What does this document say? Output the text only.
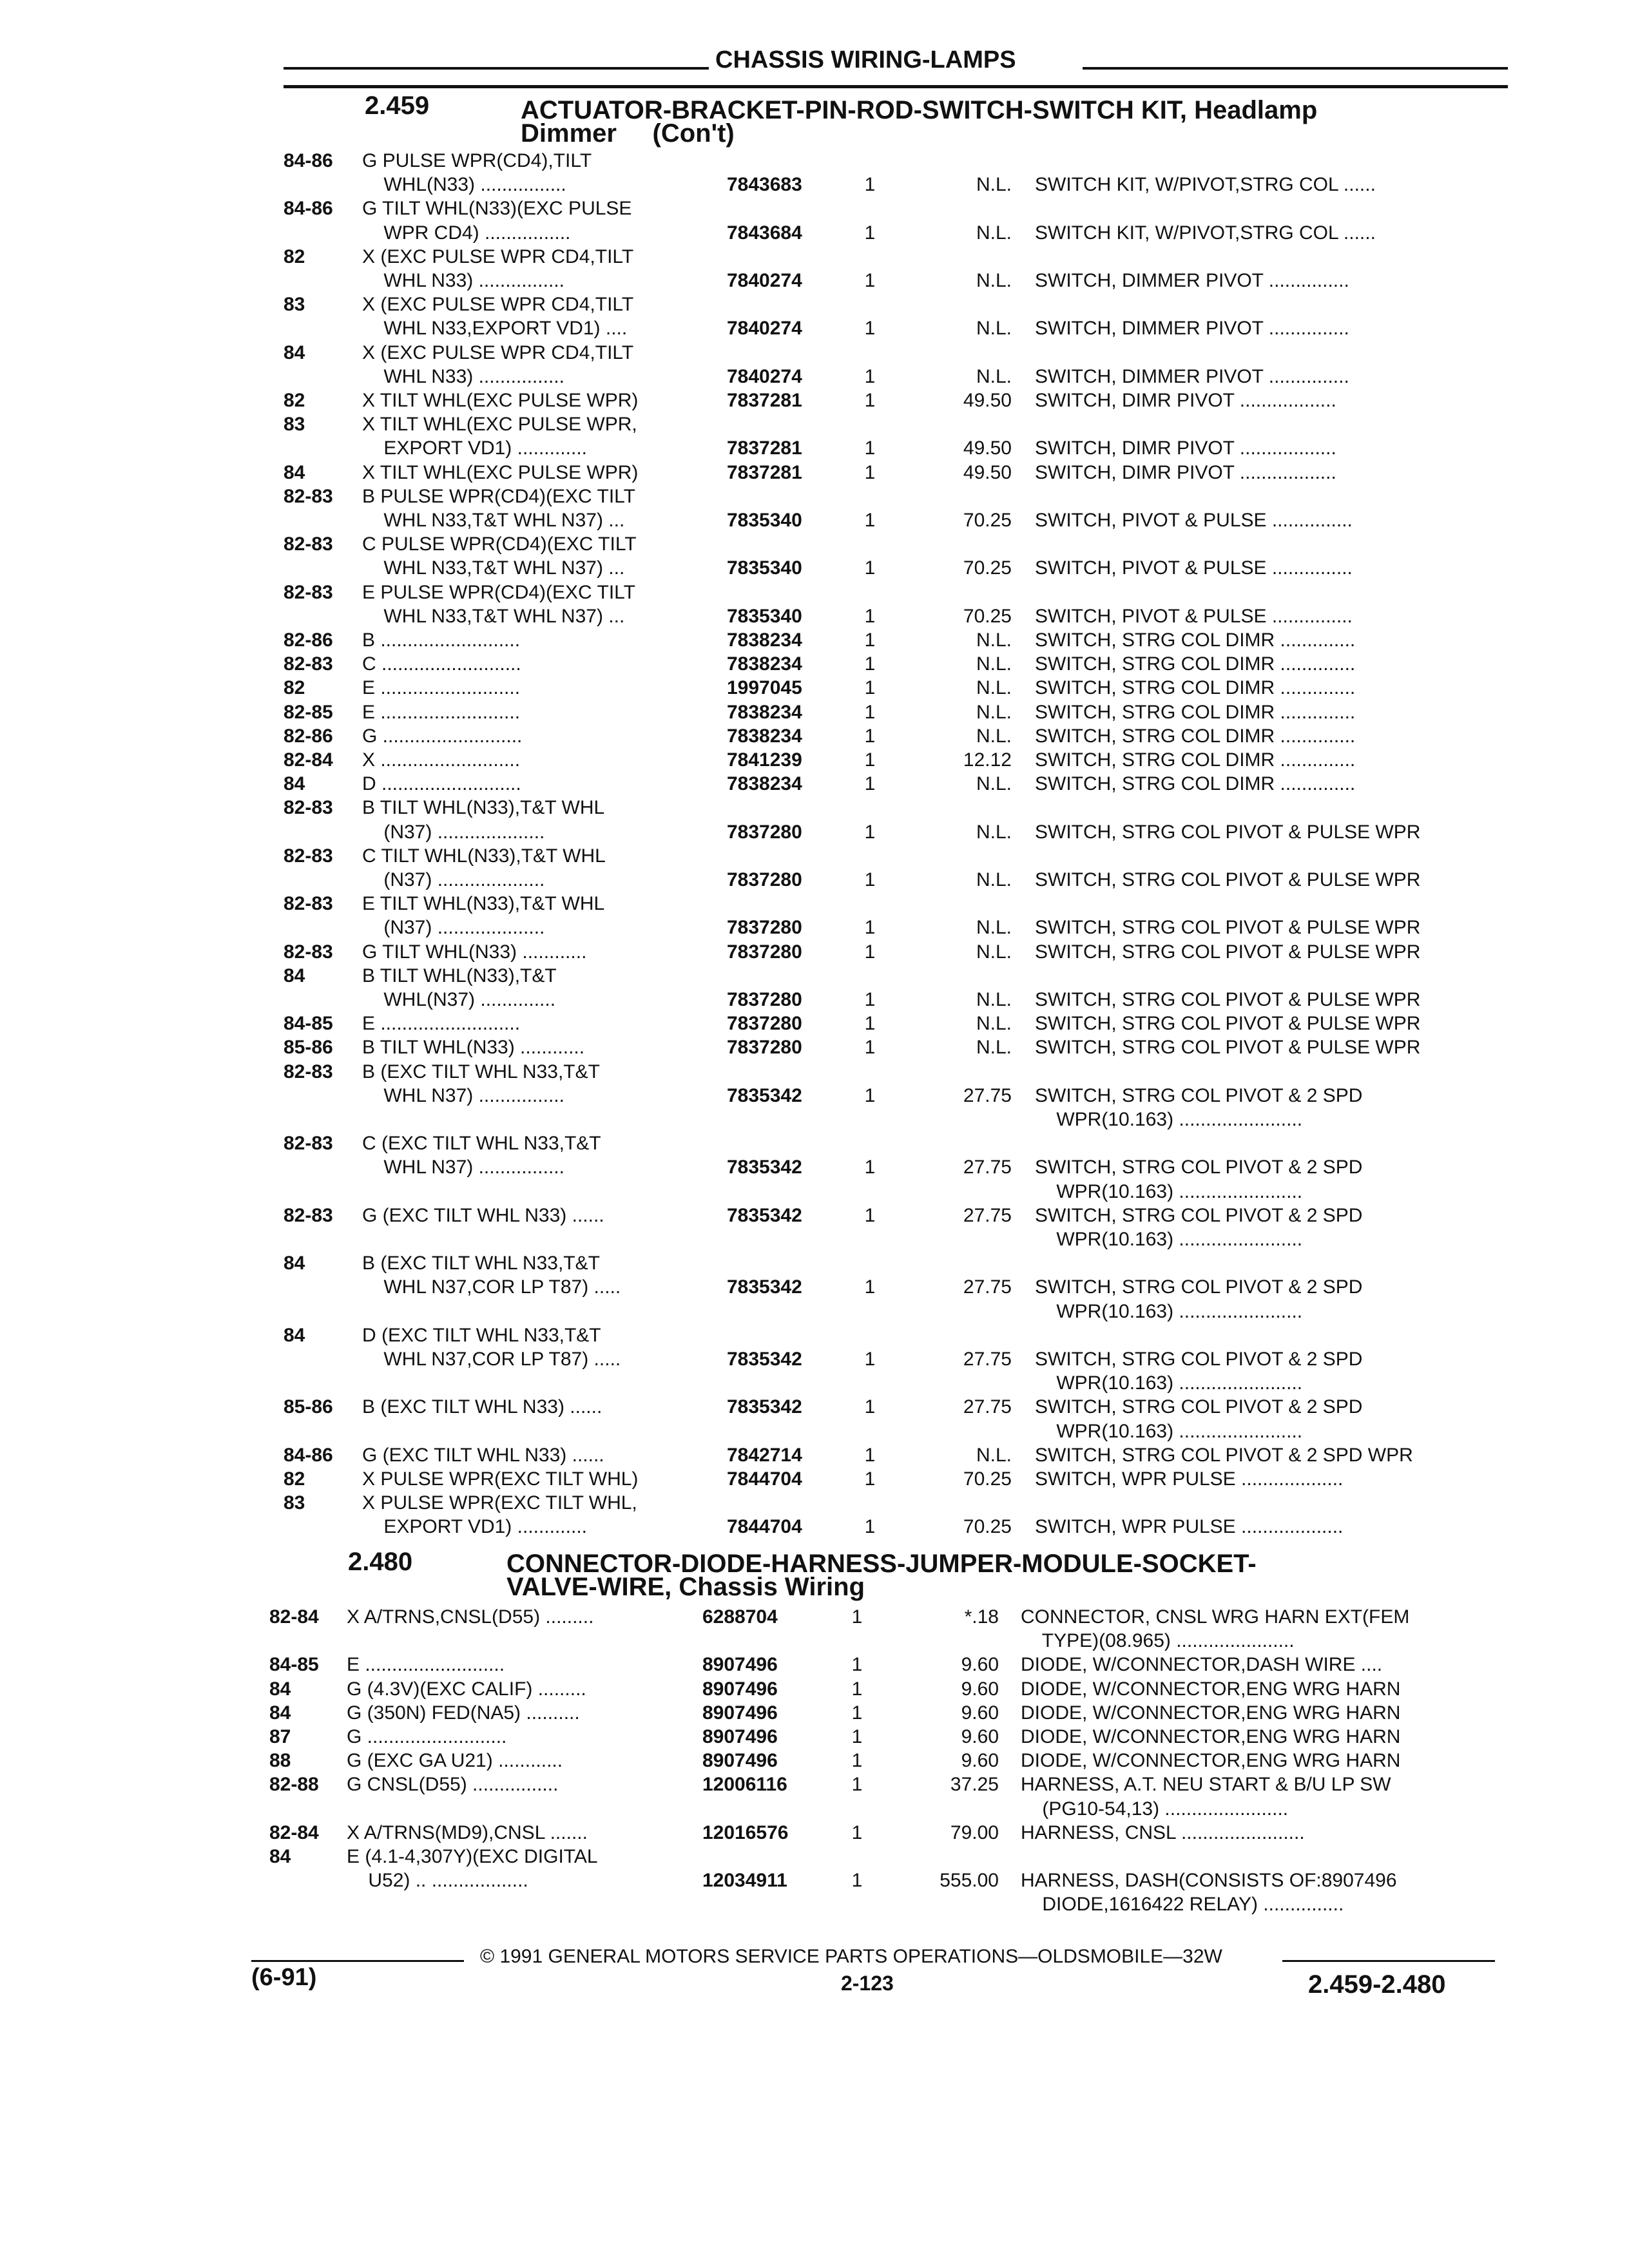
CHASSIS WIRING-LAMPS
2.459	ACTUATOR-BRACKET-PIN-ROD-SWITCH-SWITCH KIT, Headlamp
Dimmer     (Con't)
84-86 G PULSE WPR(CD4),TILT
WHL(N33) ................	7843683	1	N.L. SWITCH KIT, W/PIVOT,STRG COL ......
84-86 G TILT WHL(N33)(EXC PULSE
WPR CD4) ................	7843684	1	N.L. SWITCH KIT, W/PIVOT,STRG COL ......
82	X (EXC PULSE WPR CD4,TILT
WHL N33) ................	7840274	1	N.L. SWITCH, DIMMER PIVOT ...............
83	X (EXC PULSE WPR CD4,TILT
WHL N33,EXPORT VD1) ....	7840274	1	N.L. SWITCH, DIMMER PIVOT ...............
84	X (EXC PULSE WPR CD4,TILT
WHL N33) ................	7840274	1	N.L. SWITCH, DIMMER PIVOT ...............
82	X TILT WHL(EXC PULSE WPR)	7837281	1	49.50 SWITCH, DIMR PIVOT ..................
83	X TILT WHL(EXC PULSE WPR,
EXPORT VD1) .............	7837281	1	49.50 SWITCH, DIMR PIVOT ..................
84	X TILT WHL(EXC PULSE WPR)	7837281	1	49.50 SWITCH, DIMR PIVOT ..................
82-83 B PULSE WPR(CD4)(EXC TILT
WHL N33,T&T WHL N37) ...	7835340	1	70.25 SWITCH, PIVOT & PULSE ...............
82-83 C PULSE WPR(CD4)(EXC TILT
WHL N33,T&T WHL N37) ...	7835340	1	70.25 SWITCH, PIVOT & PULSE ...............
82-83 E PULSE WPR(CD4)(EXC TILT
WHL N33,T&T WHL N37) ...	7835340	1	70.25 SWITCH, PIVOT & PULSE ...............
82-86 B ..........................	7838234	1	N.L. SWITCH, STRG COL DIMR ..............
82-83 C ..........................	7838234	1	N.L. SWITCH, STRG COL DIMR ..............
82	E ..........................	1997045	1	N.L. SWITCH, STRG COL DIMR ..............
82-85 E ..........................	7838234	1	N.L. SWITCH, STRG COL DIMR ..............
82-86 G ..........................	7838234	1	N.L. SWITCH, STRG COL DIMR ..............
82-84 X ..........................	7841239	1	12.12 SWITCH, STRG COL DIMR ..............
84	D ..........................	7838234	1	N.L. SWITCH, STRG COL DIMR ..............
82-83 B TILT WHL(N33),T&T WHL
(N37) ....................	7837280	1	N.L. SWITCH, STRG COL PIVOT & PULSE WPR
82-83 C TILT WHL(N33),T&T WHL
(N37) ....................	7837280	1	N.L. SWITCH, STRG COL PIVOT & PULSE WPR
82-83 E TILT WHL(N33),T&T WHL
(N37) ....................	7837280	1	N.L. SWITCH, STRG COL PIVOT & PULSE WPR
82-83 G TILT WHL(N33) ............	7837280	1	N.L. SWITCH, STRG COL PIVOT & PULSE WPR
84	B TILT WHL(N33),T&T
WHL(N37) ..............	7837280	1	N.L. SWITCH, STRG COL PIVOT & PULSE WPR
84-85 E ..........................	7837280	1	N.L. SWITCH, STRG COL PIVOT & PULSE WPR
85-86 B TILT WHL(N33) ............	7837280	1	N.L. SWITCH, STRG COL PIVOT & PULSE WPR
82-83 B (EXC TILT WHL N33,T&T
WHL N37) ................	7835342	1	27.75 SWITCH, STRG COL PIVOT & 2 SPD
WPR(10.163) .......................
82-83 C (EXC TILT WHL N33,T&T
WHL N37) ................	7835342	1	27.75 SWITCH, STRG COL PIVOT & 2 SPD
WPR(10.163) .......................
82-83 G (EXC TILT WHL N33) ......	7835342	1	27.75 SWITCH, STRG COL PIVOT & 2 SPD
WPR(10.163) .......................
84	B (EXC TILT WHL N33,T&T
WHL N37,COR LP T87) .....	7835342	1	27.75 SWITCH, STRG COL PIVOT & 2 SPD
WPR(10.163) .......................
84	D (EXC TILT WHL N33,T&T
WHL N37,COR LP T87) .....	7835342	1	27.75 SWITCH, STRG COL PIVOT & 2 SPD
WPR(10.163) .......................
85-86 B (EXC TILT WHL N33) ......	7835342	1	27.75 SWITCH, STRG COL PIVOT & 2 SPD
WPR(10.163) .......................
84-86 G (EXC TILT WHL N33) ......	7842714	1	N.L. SWITCH, STRG COL PIVOT & 2 SPD WPR
82	X PULSE WPR(EXC TILT WHL)	7844704	1	70.25 SWITCH, WPR PULSE ...................
83	X PULSE WPR(EXC TILT WHL,
EXPORT VD1) .............	7844704	1	70.25 SWITCH, WPR PULSE ...................
2.480	CONNECTOR-DIODE-HARNESS-JUMPER-MODULE-SOCKET-
VALVE-WIRE, Chassis Wiring
82-84 X A/TRNS,CNSL(D55) .........	6288704	1	*.18 CONNECTOR, CNSL WRG HARN EXT(FEM
TYPE)(08.965) ......................
84-85 E ..........................	8907496	1	9.60 DIODE, W/CONNECTOR,DASH WIRE ....
84	G (4.3V)(EXC CALIF) .........	8907496	1	9.60 DIODE, W/CONNECTOR,ENG WRG HARN
84	G (350N) FED(NA5) ..........	8907496	1	9.60 DIODE, W/CONNECTOR,ENG WRG HARN
87	G ..........................	8907496	1	9.60 DIODE, W/CONNECTOR,ENG WRG HARN
88	G (EXC GA U21) ............	8907496	1	9.60 DIODE, W/CONNECTOR,ENG WRG HARN
82-88 G CNSL(D55) ................	12006116	1	37.25 HARNESS, A.T. NEU START & B/U LP SW
(PG10-54,13) .......................
82-84 X A/TRNS(MD9),CNSL .......	12016576	1	79.00 HARNESS, CNSL .......................
84	E (4.1-4,307Y)(EXC DIGITAL
U52) .. ..................	12034911	1	555.00 HARNESS, DASH(CONSISTS OF:8907496
DIODE,1616422 RELAY) ...............
© 1991 GENERAL MOTORS SERVICE PARTS OPERATIONS—OLDSMOBILE—32W
(6-91)	2-123	2.459-2.480
